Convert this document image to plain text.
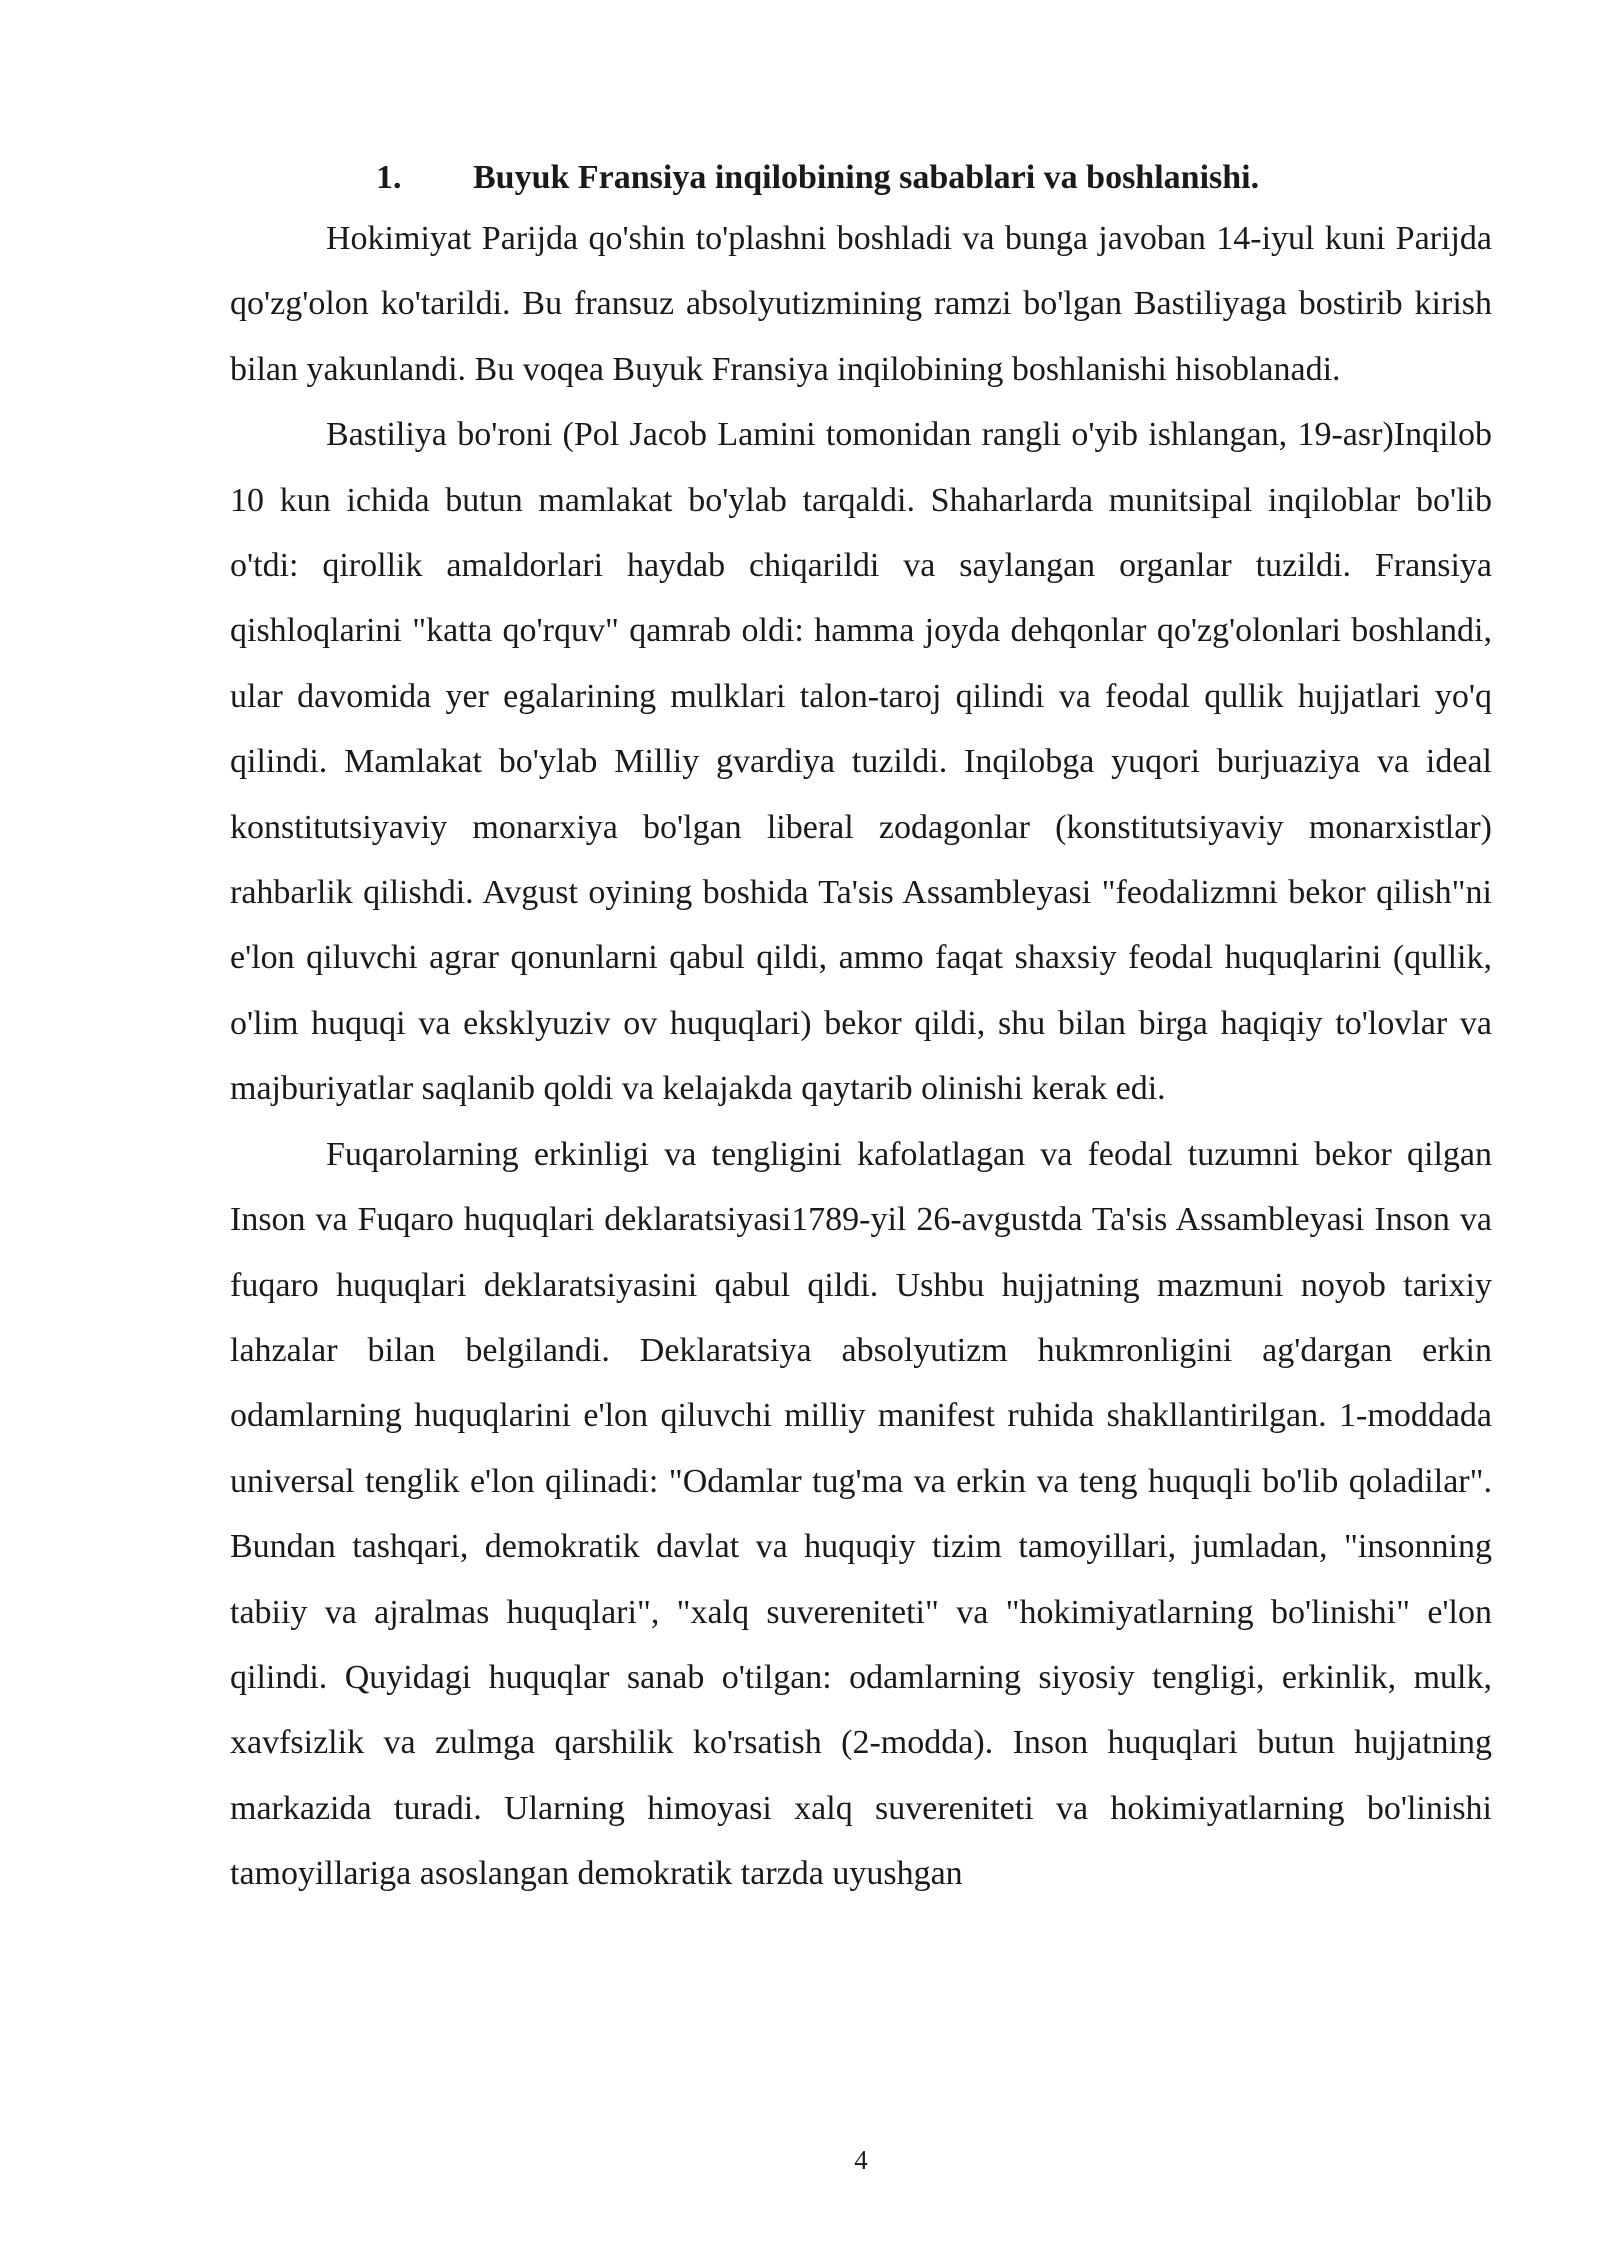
1. Buyuk Fransiya inqilobining sabablari va boshlanishi.

Hokimiyat Parijda qo'shin to'plashni boshladi va bunga javoban 14-iyul kuni Parijda qo'zg'olon ko'tarildi. Bu fransuz absolyutizmining ramzi bo'lgan Bastiliyaga bostirib kirish bilan yakunlandi. Bu voqea Buyuk Fransiya inqilobining boshlanishi hisoblanadi.

Bastiliya bo'roni (Pol Jacob Lamini tomonidan rangli o'yib ishlangan, 19-asr)Inqilob 10 kun ichida butun mamlakat bo'ylab tarqaldi. Shaharlarda munitsipal inqiloblar bo'lib o'tdi: qirollik amaldorlari haydab chiqarildi va saylangan organlar tuzildi. Fransiya qishloqlarini "katta qo'rquv" qamrab oldi: hamma joyda dehqonlar qo'zg'olonlari boshlandi, ular davomida yer egalarining mulklari talon-taroj qilindi va feodal qullik hujjatlari yo'q qilindi. Mamlakat bo'ylab Milliy gvardiya tuzildi. Inqilobga yuqori burjuaziya va ideal konstitutsiyaviy monarxiya bo'lgan liberal zodagonlar (konstitutsiyaviy monarxistlar) rahbarlik qilishdi. Avgust oyining boshida Ta'sis Assambleyasi "feodalizmni bekor qilish"ni e'lon qiluvchi agrar qonunlarni qabul qildi, ammo faqat shaxsiy feodal huquqlarini (qullik, o'lim huquqi va eksklyuziv ov huquqlari) bekor qildi, shu bilan birga haqiqiy to'lovlar va majburiyatlar saqlanib qoldi va kelajakda qaytarib olinishi kerak edi.

Fuqarolarning erkinligi va tengligini kafolatlagan va feodal tuzumni bekor qilgan Inson va Fuqaro huquqlari deklaratsiyasi1789-yil 26-avgustda Ta'sis Assambleyasi Inson va fuqaro huquqlari deklaratsiyasini qabul qildi. Ushbu hujjatning mazmuni noyob tarixiy lahzalar bilan belgilandi. Deklaratsiya absolyutizm hukmronligini ag'dargan erkin odamlarning huquqlarini e'lon qiluvchi milliy manifest ruhida shakllantirilgan. 1-moddada universal tenglik e'lon qilinadi: "Odamlar tug'ma va erkin va teng huquqli bo'lib qoladilar". Bundan tashqari, demokratik davlat va huquqiy tizim tamoyillari, jumladan, "insonning tabiiy va ajralmas huquqlari", "xalq suvereniteti" va "hokimiyatlarning bo'linishi" e'lon qilindi. Quyidagi huquqlar sanab o'tilgan: odamlarning siyosiy tengligi, erkinlik, mulk, xavfsizlik va zulmga qarshilik ko'rsatish (2-modda). Inson huquqlari butun hujjatning markazida turadi. Ularning himoyasi xalq suvereniteti va hokimiyatlarning bo'linishi tamoyillariga asoslangan demokratik tarzda uyushgan

4
